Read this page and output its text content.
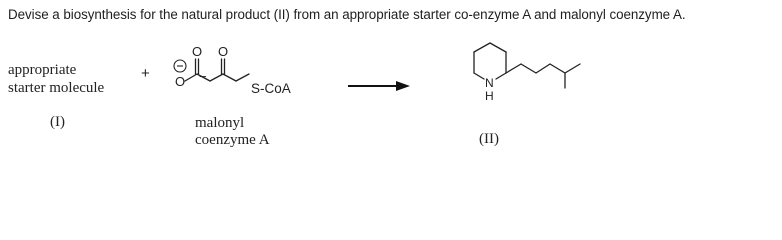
Devise a biosynthesis for the natural product (II) from an appropriate starter co-enzyme A and malonyl coenzyme A.
appropriate
starter molecule
(I)
+
O O
O −
S-CoA
malonyl
coenzyme A
N
H
(II)
